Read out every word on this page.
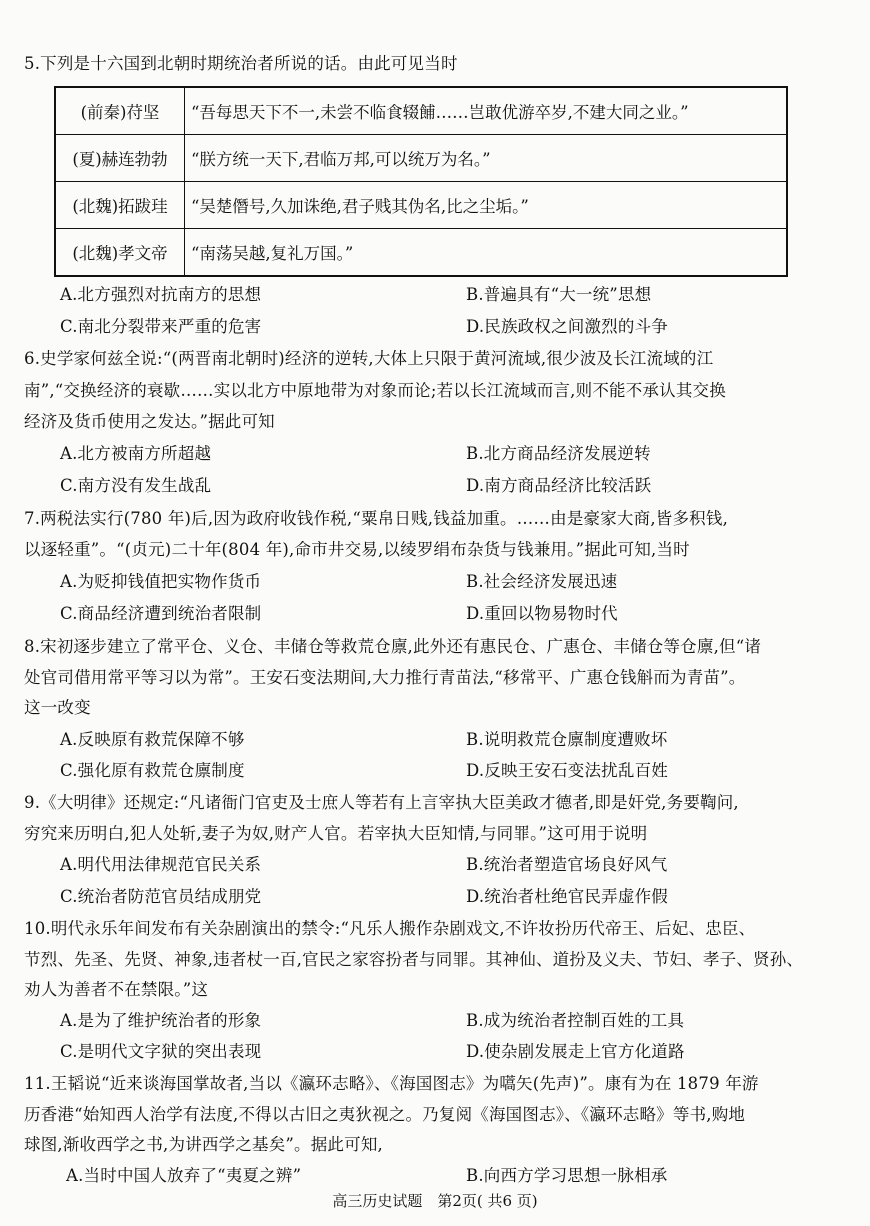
5.下列是十六国到北朝时期统治者所说的话。由此可见当时
(前秦)苻坚	“吾每思天下不一,未尝不临食辍餔……岂敢优游卒岁,不建大同之业。”
(夏)赫连勃勃	“朕方统一天下,君临万邦,可以统万为名。”
(北魏)拓跋珪	“吴楚僭号,久加诛绝,君子贱其伪名,比之尘垢。”
(北魏)孝文帝	“南荡吴越,复礼万国。”
A.北方强烈对抗南方的思想	B.普遍具有“大一统”思想
C.南北分裂带来严重的危害	D.民族政权之间激烈的斗争
6.史学家何兹全说:“(两晋南北朝时)经济的逆转,大体上只限于黄河流域,很少波及长江流域的江
南”,“交换经济的衰歇……实以北方中原地带为对象而论;若以长江流域而言,则不能不承认其交换
经济及货币使用之发达。”据此可知
A.北方被南方所超越	B.北方商品经济发展逆转
C.南方没有发生战乱	D.南方商品经济比较活跃
7.两税法实行(780 年)后,因为政府收钱作税,“粟帛日贱,钱益加重。……由是豪家大商,皆多积钱,
以逐轻重”。“(贞元)二十年(804 年),命市井交易,以绫罗绢布杂货与钱兼用。”据此可知,当时
A.为贬抑钱值把实物作货币	B.社会经济发展迅速
C.商品经济遭到统治者限制	D.重回以物易物时代
8.宋初逐步建立了常平仓、义仓、丰储仓等救荒仓廪,此外还有惠民仓、广惠仓、丰储仓等仓廪,但“诸
处官司借用常平等习以为常”。王安石变法期间,大力推行青苗法,“移常平、广惠仓钱斛而为青苗”。
这一改变
A.反映原有救荒保障不够	B.说明救荒仓廪制度遭败坏
C.强化原有救荒仓廪制度	D.反映王安石变法扰乱百姓
9.《大明律》还规定:“凡诸衙门官吏及士庶人等若有上言宰执大臣美政才德者,即是奸党,务要鞫问,
穷究来历明白,犯人处斩,妻子为奴,财产人官。若宰执大臣知情,与同罪。”这可用于说明
A.明代用法律规范官民关系	B.统治者塑造官场良好风气
C.统治者防范官员结成朋党	D.统治者杜绝官民弄虚作假
10.明代永乐年间发布有关杂剧演出的禁令:“凡乐人搬作杂剧戏文,不许妆扮历代帝王、后妃、忠臣、
节烈、先圣、先贤、神象,违者杖一百,官民之家容扮者与同罪。其神仙、道扮及义夫、节妇、孝子、贤孙、
劝人为善者不在禁限。”这
A.是为了维护统治者的形象	B.成为统治者控制百姓的工具
C.是明代文字狱的突出表现	D.使杂剧发展走上官方化道路
11.王韬说“近来谈海国掌故者,当以《瀛环志略》、《海国图志》为嚆矢(先声)”。康有为在 1879 年游
历香港“始知西人治学有法度,不得以古旧之夷狄视之。乃复阅《海国图志》、《瀛环志略》等书,购地
球图,渐收西学之书,为讲西学之基矣”。据此可知,
A.当时中国人放弃了“夷夏之辨”	B.向西方学习思想一脉相承
高三历史试题　第2页( 共6 页)
